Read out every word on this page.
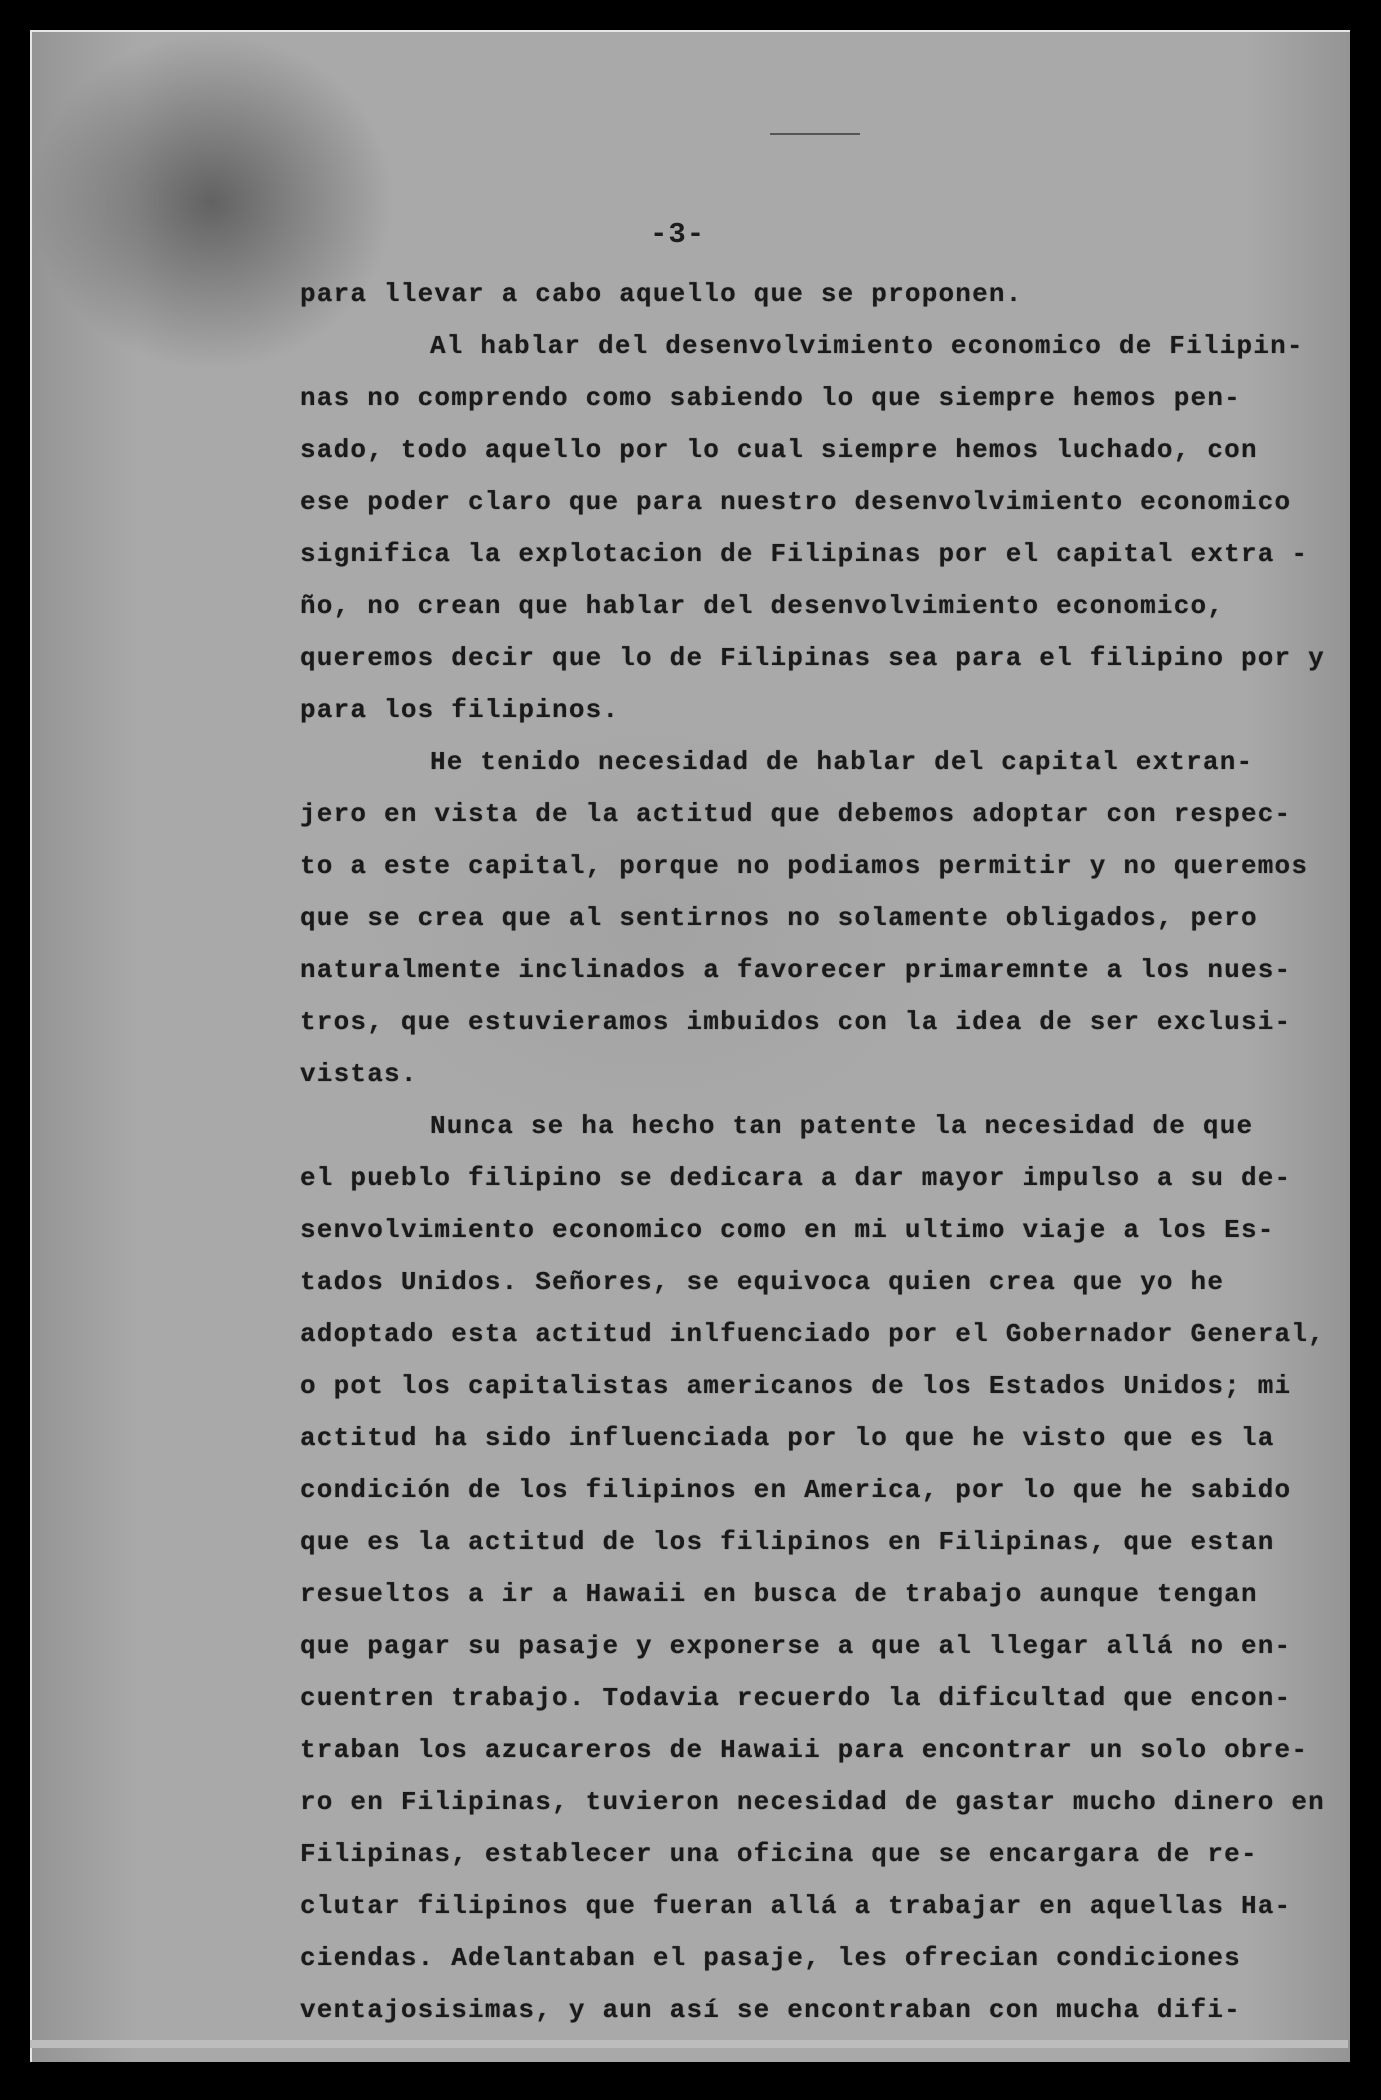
-3-
para llevar a cabo aquello que se proponen.
Al hablar del desenvolvimiento economico de Filipin-
nas no comprendo como sabiendo lo que siempre hemos pen-
sado, todo aquello por lo cual siempre hemos luchado, con
ese poder claro que para nuestro desenvolvimiento economico
significa la explotacion de Filipinas por el capital extra -
ño, no crean que hablar del desenvolvimiento economico,
queremos decir que lo de Filipinas sea para el filipino por y
para los filipinos.
He tenido necesidad de hablar del capital extran-
jero en vista de la actitud que debemos adoptar con respec-
to a este capital, porque no podiamos permitir y no queremos
que se crea que al sentirnos no solamente obligados, pero
naturalmente inclinados a favorecer primaremnte a los nues-
tros, que estuvieramos imbuidos con la idea de ser exclusi-
vistas.
Nunca se ha hecho tan patente la necesidad de que
el pueblo filipino se dedicara a dar mayor impulso a su de-
senvolvimiento economico como en mi ultimo viaje a los Es-
tados Unidos. Señores, se equivoca quien crea que yo he
adoptado esta actitud inlfuenciado por el Gobernador General,
o pot los capitalistas americanos de los Estados Unidos; mi
actitud ha sido influenciada por lo que he visto que es la
condición de los filipinos en America, por lo que he sabido
que es la actitud de los filipinos en Filipinas, que estan
resueltos a ir a Hawaii en busca de trabajo aunque tengan
que pagar su pasaje y exponerse a que al llegar allá no en-
cuentren trabajo. Todavia recuerdo la dificultad que encon-
traban los azucareros de Hawaii para encontrar un solo obre-
ro en Filipinas, tuvieron necesidad de gastar mucho dinero en
Filipinas, establecer una oficina que se encargara de re-
clutar filipinos que fueran allá a trabajar en aquellas Ha-
ciendas. Adelantaban el pasaje, les ofrecian condiciones
ventajosisimas, y aun así se encontraban con mucha difi-
